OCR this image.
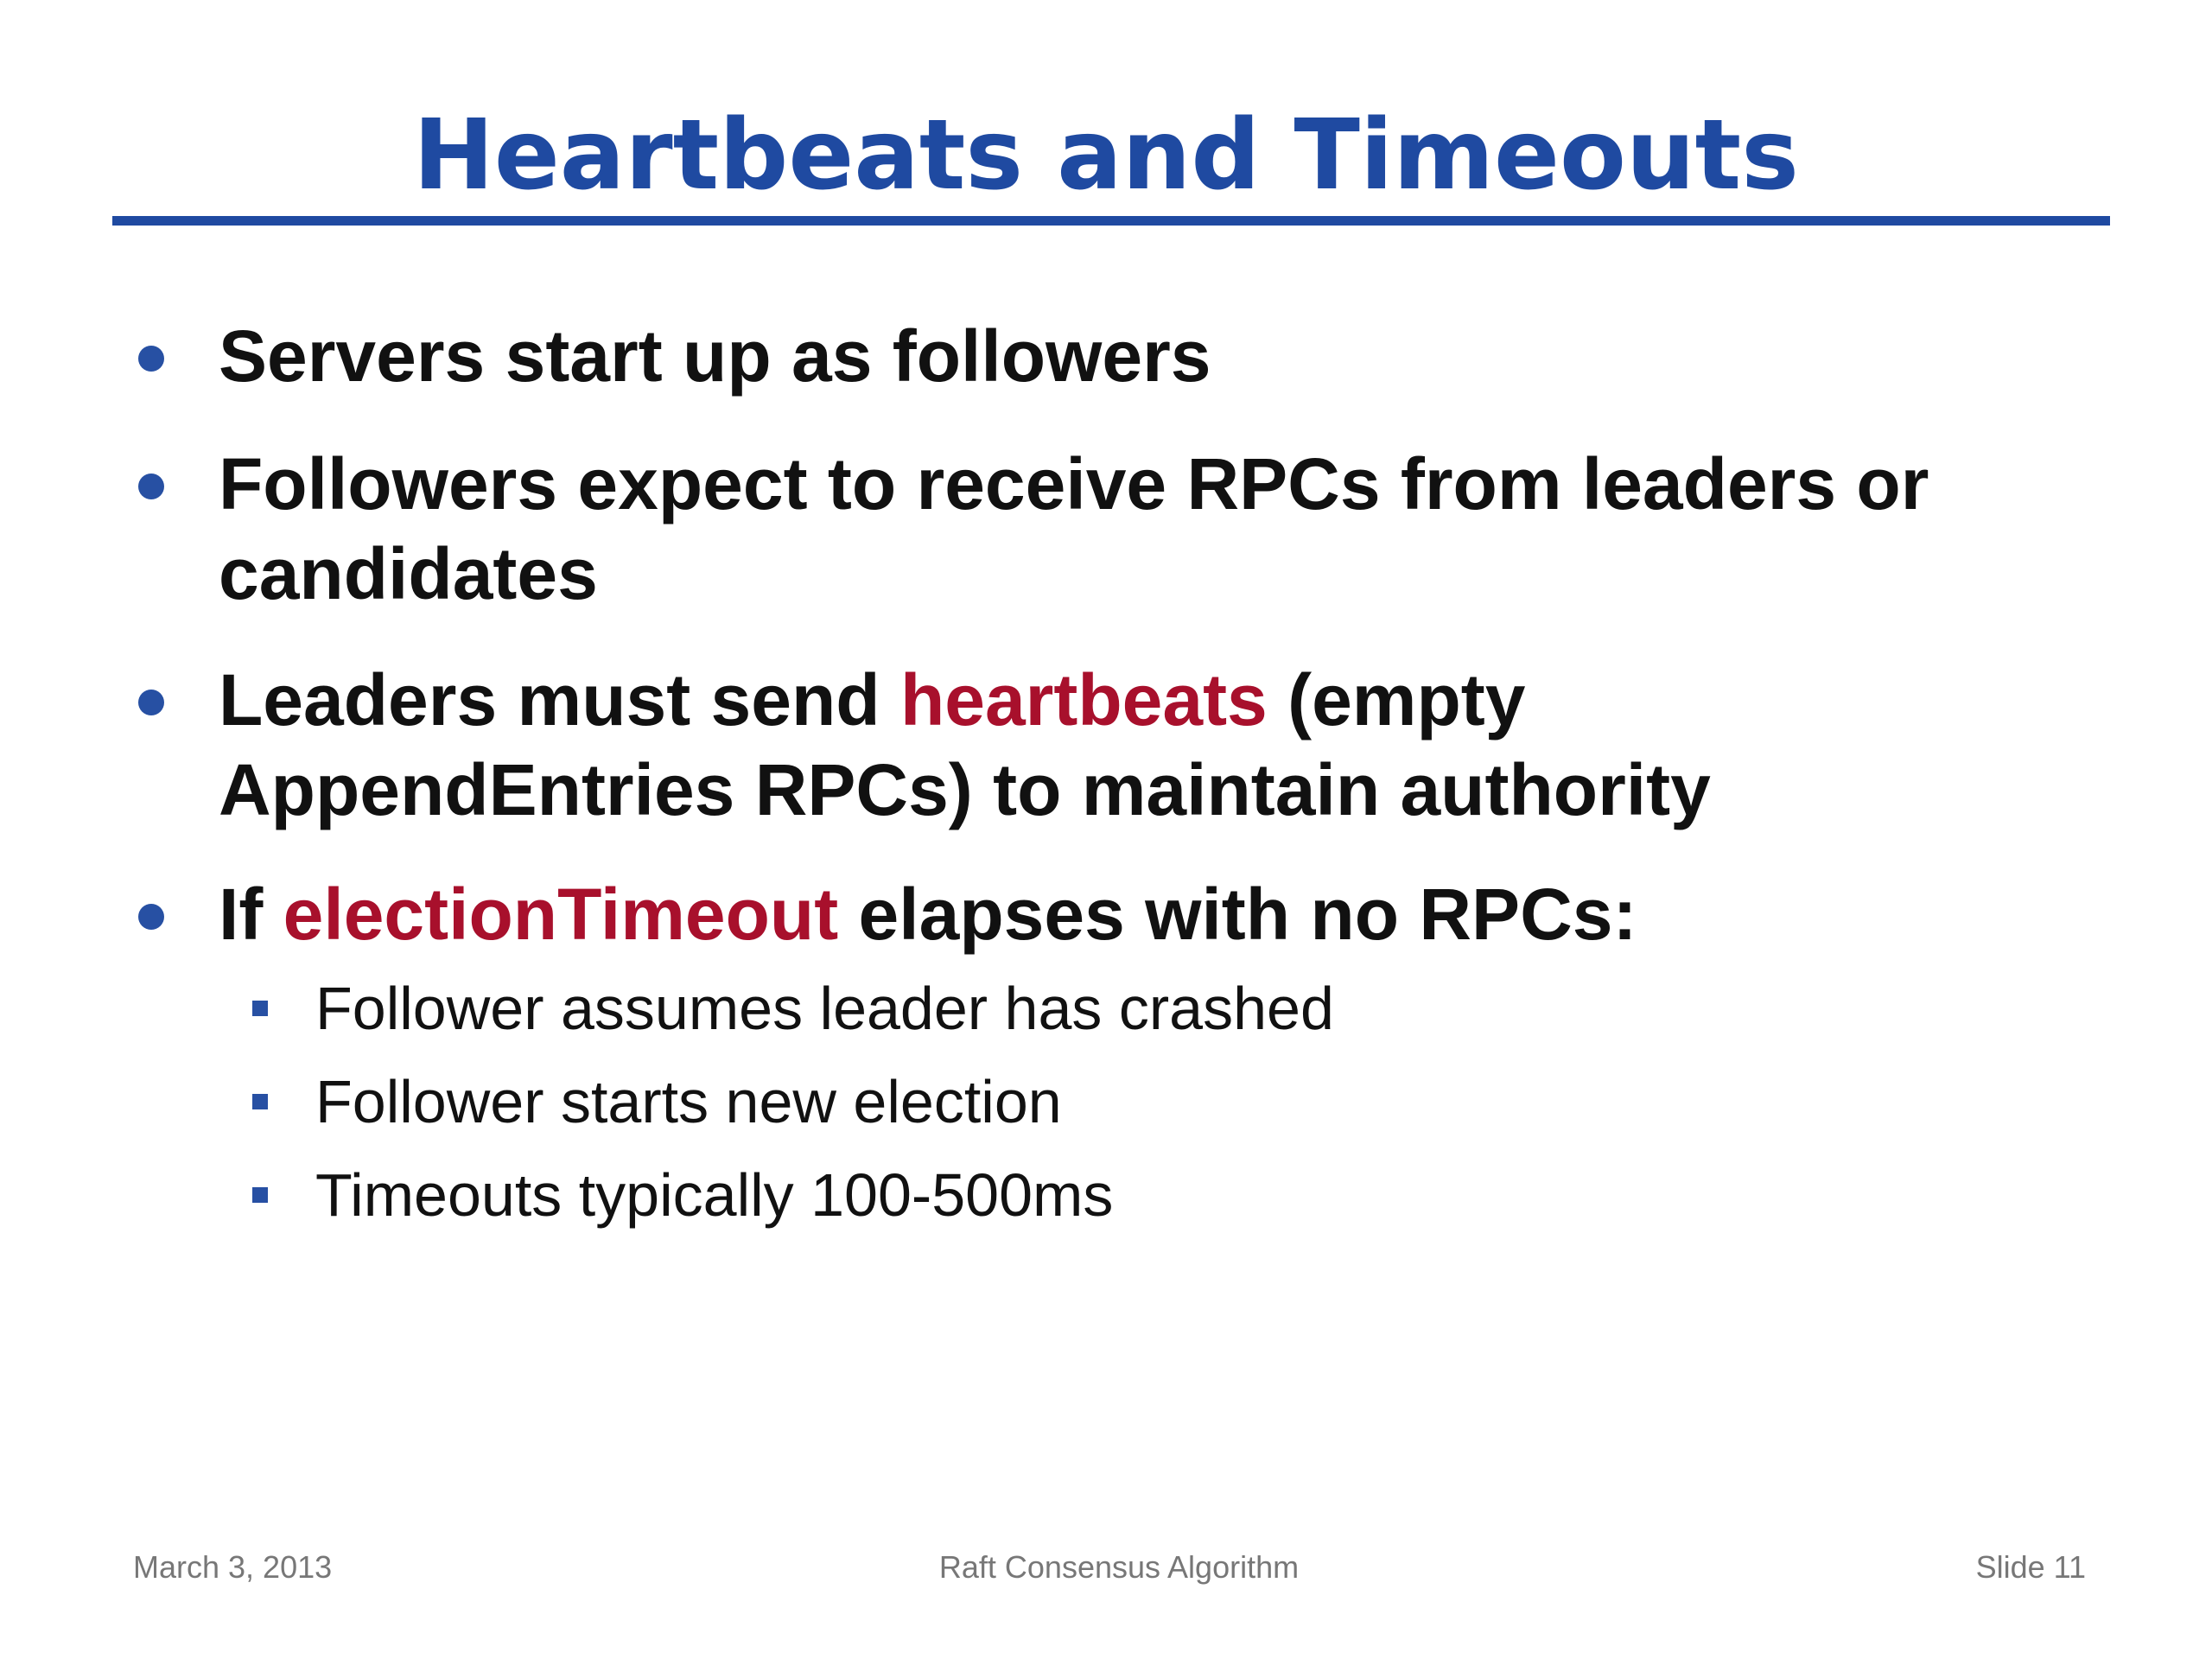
Heartbeats and Timeouts

Servers start up as followers

Followers expect to receive RPCs from leaders or
candidates

Leaders must send heartbeats (empty
AppendEntries RPCs) to maintain authority

If electionTimeout elapses with no RPCs:

Follower assumes leader has crashed
Follower starts new election
Timeouts typically 100-500ms
March 3, 2013	Raft Consensus Algorithm	Slide 11
